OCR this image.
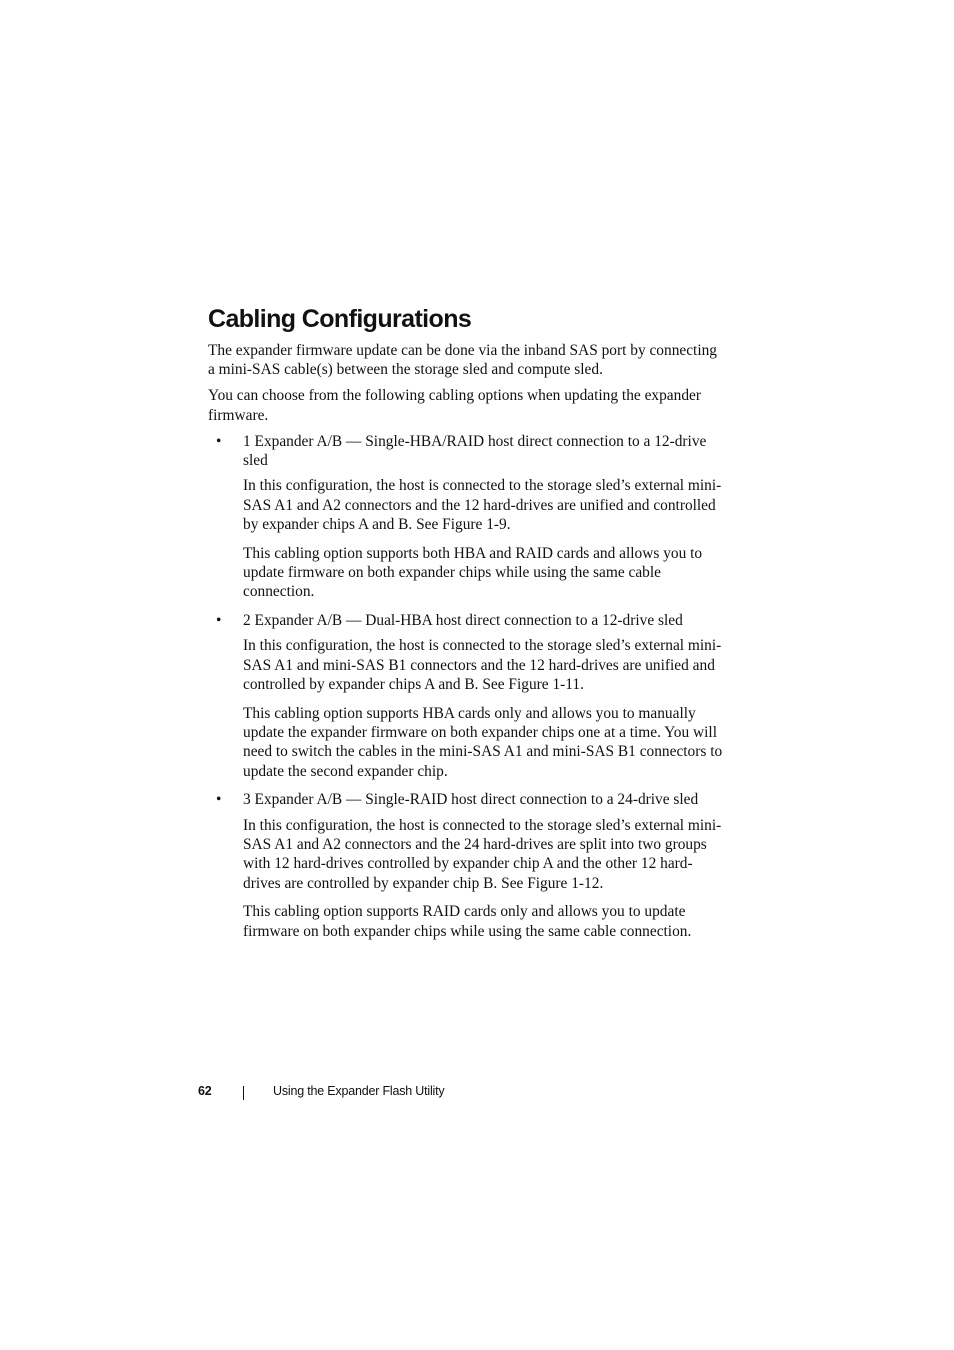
Cabling Configurations

The expander firmware update can be done via the inband SAS port by connecting a mini-SAS cable(s) between the storage sled and compute sled.

You can choose from the following cabling options when updating the expander firmware.

• 1 Expander A/B — Single-HBA/RAID host direct connection to a 12-drive sled

In this configuration, the host is connected to the storage sled’s external mini-SAS A1 and A2 connectors and the 12 hard-drives are unified and controlled by expander chips A and B. See Figure 1-9.

This cabling option supports both HBA and RAID cards and allows you to update firmware on both expander chips while using the same cable connection.

• 2 Expander A/B — Dual-HBA host direct connection to a 12-drive sled

In this configuration, the host is connected to the storage sled’s external mini-SAS A1 and mini-SAS B1 connectors and the 12 hard-drives are unified and controlled by expander chips A and B. See Figure 1-11.

This cabling option supports HBA cards only and allows you to manually update the expander firmware on both expander chips one at a time. You will need to switch the cables in the mini-SAS A1 and mini-SAS B1 connectors to update the second expander chip.

• 3 Expander A/B — Single-RAID host direct connection to a 24-drive sled

In this configuration, the host is connected to the storage sled’s external mini-SAS A1 and A2 connectors and the 24 hard-drives are split into two groups with 12 hard-drives controlled by expander chip A and the other 12 hard-drives are controlled by expander chip B. See Figure 1-12.

This cabling option supports RAID cards only and allows you to update firmware on both expander chips while using the same cable connection.

62	Using the Expander Flash Utility
